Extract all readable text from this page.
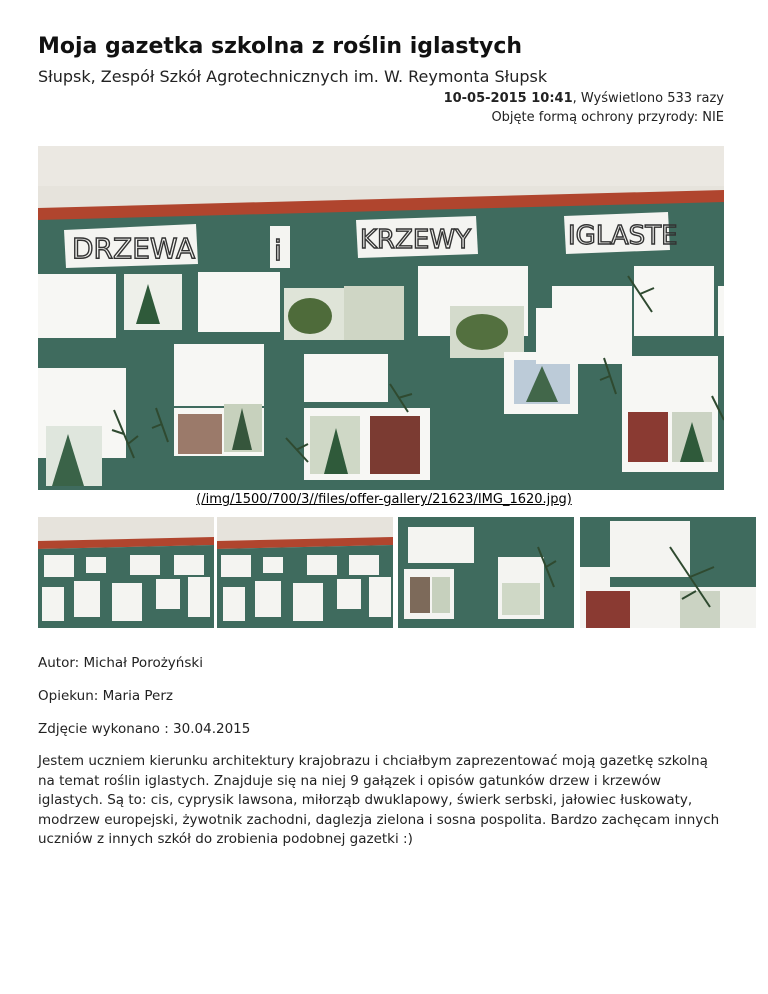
Moja gazetka szkolna z roślin iglastych
Słupsk, Zespół Szkół Agrotechnicznych im. W. Reymonta Słupsk
10-05-2015 10:41, Wyświetlono 533 razy
Objęte formą ochrony przyrody: NIE
DRZEWA	i	KRZEWY	IGLASTE
(/img/1500/700/3//files/offer-gallery/21623/IMG_1620.jpg)
Autor: Michał Porożyński
Opiekun: Maria Perz
Zdjęcie wykonano : 30.04.2015
Jestem uczniem kierunku architektury krajobrazu i chciałbym zaprezentować moją gazetkę szkolną na temat roślin iglastych. Znajduje się na niej 9 gałązek i opisów gatunków drzew i krzewów iglastych. Są to: cis, cyprysik lawsona, miłorząb dwuklapowy, świerk serbski, jałowiec łuskowaty, modrzew europejski, żywotnik zachodni, daglezja zielona i sosna pospolita. Bardzo zachęcam innych uczniów z innych szkół do zrobienia podobnej gazetki :)
